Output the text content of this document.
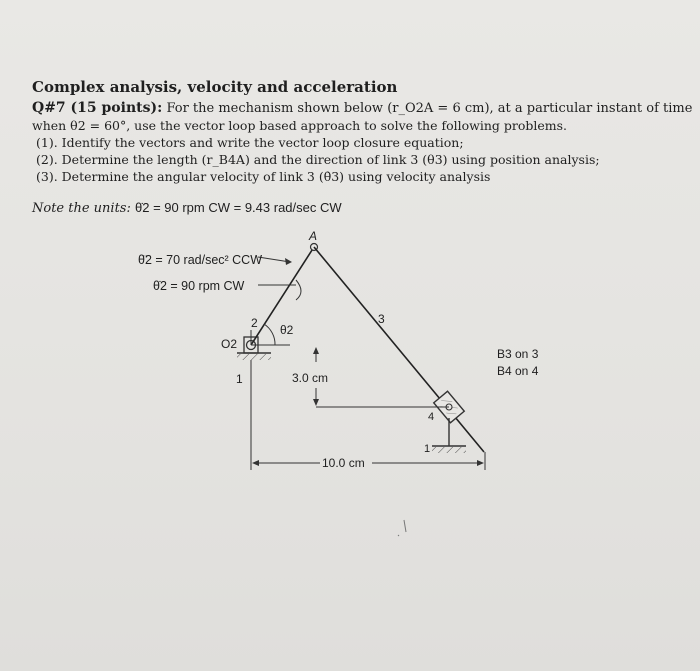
Complex analysis, velocity and acceleration
Q#7 (15 points): For the mechanism shown below (r_O2A = 6 cm), at a particular instant of time
when θ2 = 60°, use the vector loop based approach to solve the following problems.
(1). Identify the vectors and write the vector loop closure equation;
(2). Determine the length (r_B4A) and the direction of link 3 (θ3) using position analysis;
(3). Determine the angular velocity of link 3 (θ̇3) using velocity analysis
Note the units: θ̇2 = 90 rpm CW = 9.43 rad/sec CW
θ̈2 = 70 rad/sec² CCW
θ̇2 = 90 rpm CW
A
2 θ2
3
O2
1	3.0 cm
B3 on 3
B4 on 4
4
1
10.0 cm
